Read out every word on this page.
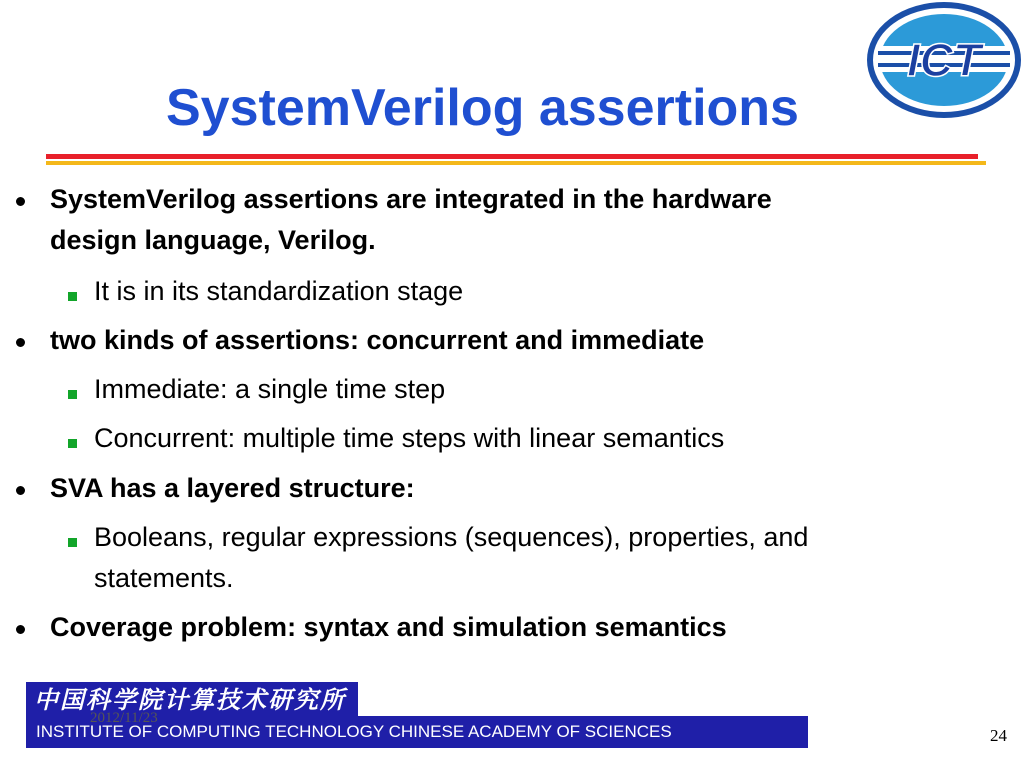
SystemVerilog assertions
ICT
SystemVerilog assertions are integrated in the hardware
design language, Verilog.
It is in its standardization stage
two kinds of assertions: concurrent and immediate
Immediate: a single time step
Concurrent: multiple time steps with linear semantics
SVA has a layered structure:
Booleans, regular expressions (sequences), properties, and
statements.
Coverage problem: syntax and simulation semantics
中国科学院计算技术研究所
INSTITUTE OF COMPUTING TECHNOLOGY CHINESE ACADEMY OF SCIENCES
2012/11/23
24
